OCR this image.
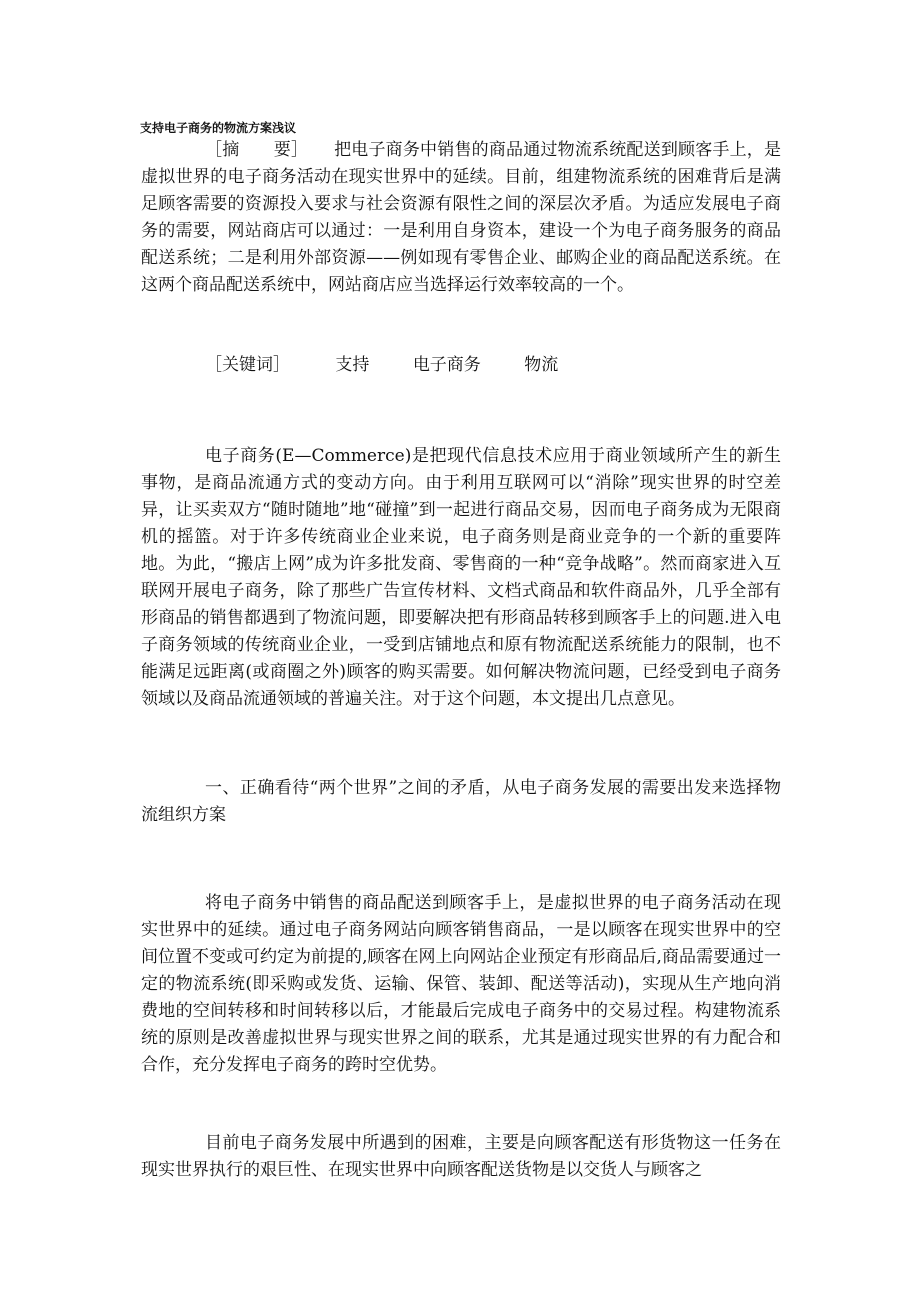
支持电子商务的物流方案浅议

［摘　　要］　　把电子商务中销售的商品通过物流系统配送到顾客手上，是虚拟世界的电子商务活动在现实世界中的延续。目前，组建物流系统的困难背后是满足顾客需要的资源投入要求与社会资源有限性之间的深层次矛盾。为适应发展电子商务的需要，网站商店可以通过：一是利用自身资本，建设一个为电子商务服务的商品配送系统；二是利用外部资源——例如现有零售企业、邮购企业的商品配送系统。在这两个商品配送系统中，网站商店应当选择运行效率较高的一个。

［关键词］	支持	电子商务	物流

电子商务(E—Commerce)是把现代信息技术应用于商业领域所产生的新生事物，是商品流通方式的变动方向。由于利用互联网可以“消除”现实世界的时空差异，让买卖双方“随时随地”地“碰撞”到一起进行商品交易，因而电子商务成为无限商机的摇篮。对于许多传统商业企业来说，电子商务则是商业竞争的一个新的重要阵地。为此，“搬店上网”成为许多批发商、零售商的一种“竞争战略”。然而商家进入互联网开展电子商务，除了那些广告宣传材料、文档式商品和软件商品外，几乎全部有形商品的销售都遇到了物流问题，即要解决把有形商品转移到顾客手上的问题.进入电子商务领域的传统商业企业，一受到店铺地点和原有物流配送系统能力的限制，也不能满足远距离(或商圈之外)顾客的购买需要。如何解决物流问题，已经受到电子商务领域以及商品流通领域的普遍关注。对于这个问题，本文提出几点意见。

一、正确看待“两个世界”之间的矛盾，从电子商务发展的需要出发来选择物流组织方案

将电子商务中销售的商品配送到顾客手上，是虚拟世界的电子商务活动在现实世界中的延续。通过电子商务网站向顾客销售商品，一是以顾客在现实世界中的空间位置不变或可约定为前提的,顾客在网上向网站企业预定有形商品后,商品需要通过一定的物流系统(即采购或发货、运输、保管、装卸、配送等活动)，实现从生产地向消费地的空间转移和时间转移以后，才能最后完成电子商务中的交易过程。构建物流系统的原则是改善虚拟世界与现实世界之间的联系，尤其是通过现实世界的有力配合和合作，充分发挥电子商务的跨时空优势。

目前电子商务发展中所遇到的困难，主要是向顾客配送有形货物这一任务在现实世界执行的艰巨性、在现实世界中向顾客配送货物是以交货人与顾客之
